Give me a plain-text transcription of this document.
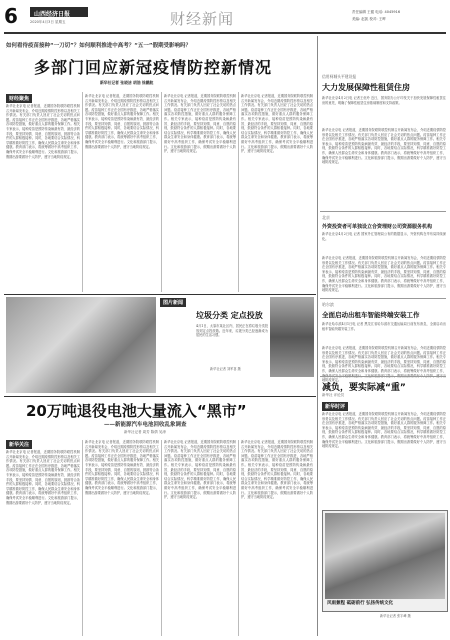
6	山西经济日报
2020年4月3日 星期五	财经新闻	责任编辑 王健 电话: 4045916
美编: 赵凯 校对: 王晔
如何看待疫苗接种“一刀切”？如何顺利推进中高考？“五一”假期受影响吗？
多部门回应新冠疫情防控新情况
新华社记者 张晓洁 胡浩 徐鹏航
财经聚焦
新华社北京电 记者报道，近期国务院联防联控机制召开新闻发布会，介绍近期疫情防控形势以及相关工作情况。有关部门负责人回应了社会关切的热点问题。疫苗接种工作正在全国有序推进，各地严格落实各项防控措施，做好重点人群的服务保障工作。相关专家表示，接种疫苗是预防传染病最有效、最经济的手段，要坚持知情、同意、自愿的原则，鼓励符合条件的人群积极接种。同时，各地要结合实际情况，科学精准做好防控工作，确保人民群众生命安全和身体健康。教育部门表示，将统筹做好中高考组织工作，确保考试安全平稳顺利进行。文化和旅游部门提示，假期出游要做好个人防护，遵守当地防疫规定。
新华社北京电 记者报道，近期国务院联防联控机制召开新闻发布会，介绍近期疫情防控形势以及相关工作情况。有关部门负责人回应了社会关切的热点问题。疫苗接种工作正在全国有序推进，各地严格落实各项防控措施，做好重点人群的服务保障工作。相关专家表示，接种疫苗是预防传染病最有效、最经济的手段，要坚持知情、同意、自愿的原则，鼓励符合条件的人群积极接种。同时，各地要结合实际情况，科学精准做好防控工作，确保人民群众生命安全和身体健康。教育部门表示，将统筹做好中高考组织工作，确保考试安全平稳顺利进行。文化和旅游部门提示，假期出游要做好个人防护，遵守当地防疫规定。
新华社北京电 记者报道，近期国务院联防联控机制召开新闻发布会，介绍近期疫情防控形势以及相关工作情况。有关部门负责人回应了社会关切的热点问题。疫苗接种工作正在全国有序推进，各地严格落实各项防控措施，做好重点人群的服务保障工作。相关专家表示，接种疫苗是预防传染病最有效、最经济的手段，要坚持知情、同意、自愿的原则，鼓励符合条件的人群积极接种。同时，各地要结合实际情况，科学精准做好防控工作，确保人民群众生命安全和身体健康。教育部门表示，将统筹做好中高考组织工作，确保考试安全平稳顺利进行。文化和旅游部门提示，假期出游要做好个人防护，遵守当地防疫规定。
新华社北京电 记者报道，近期国务院联防联控机制召开新闻发布会，介绍近期疫情防控形势以及相关工作情况。有关部门负责人回应了社会关切的热点问题。疫苗接种工作正在全国有序推进，各地严格落实各项防控措施，做好重点人群的服务保障工作。相关专家表示，接种疫苗是预防传染病最有效、最经济的手段，要坚持知情、同意、自愿的原则，鼓励符合条件的人群积极接种。同时，各地要结合实际情况，科学精准做好防控工作，确保人民群众生命安全和身体健康。教育部门表示，将统筹做好中高考组织工作，确保考试安全平稳顺利进行。文化和旅游部门提示，假期出游要做好个人防护，遵守当地防疫规定。
信用柯城头平建设报
大力发展保障性租赁住房
新华社北京4月2日电 记者王优玲 近日，国务院办公厅印发关于加快发展保障性租赁住房的意见，明确了保障性租赁住房基础制度和支持政策。
新华社北京电 记者报道，近期国务院联防联控机制召开新闻发布会，介绍近期疫情防控形势以及相关工作情况。有关部门负责人回应了社会关切的热点问题。疫苗接种工作正在全国有序推进，各地严格落实各项防控措施，做好重点人群的服务保障工作。相关专家表示，接种疫苗是预防传染病最有效、最经济的手段，要坚持知情、同意、自愿的原则，鼓励符合条件的人群积极接种。同时，各地要结合实际情况，科学精准做好防控工作，确保人民群众生命安全和身体健康。教育部门表示，将统筹做好中高考组织工作，确保考试安全平稳顺利进行。文化和旅游部门提示，假期出游要做好个人防护，遵守当地防疫规定。
北京
外资投资者可单独设立合资理财公司资源服务机构
新华社北京4月2日电 记者 国家外汇管理局公布的数据显示，外资机构在华布局持续深化。
新华社北京电 记者报道，近期国务院联防联控机制召开新闻发布会，介绍近期疫情防控形势以及相关工作情况。有关部门负责人回应了社会关切的热点问题。疫苗接种工作正在全国有序推进，各地严格落实各项防控措施，做好重点人群的服务保障工作。相关专家表示，接种疫苗是预防传染病最有效、最经济的手段，要坚持知情、同意、自愿的原则，鼓励符合条件的人群积极接种。同时，各地要结合实际情况，科学精准做好防控工作，确保人民群众生命安全和身体健康。教育部门表示，将统筹做好中高考组织工作，确保考试安全平稳顺利进行。文化和旅游部门提示，假期出游要做好个人防护，遵守当地防疫规定。
哈尔滨
全面启动出租车智能终端安装工作
新华社哈尔滨4月1日电 记者 黑龙江省哈尔滨市交通运输局日前发布消息，全面启动出租车智能终端安装工作。
新华社北京电 记者报道，近期国务院联防联控机制召开新闻发布会，介绍近期疫情防控形势以及相关工作情况。有关部门负责人回应了社会关切的热点问题。疫苗接种工作正在全国有序推进，各地严格落实各项防控措施，做好重点人群的服务保障工作。相关专家表示，接种疫苗是预防传染病最有效、最经济的手段，要坚持知情、同意、自愿的原则，鼓励符合条件的人群积极接种。同时，各地要结合实际情况，科学精准做好防控工作，确保人民群众生命安全和身体健康。教育部门表示，将统筹做好中高考组织工作， 地防疫规定。
减负，要实际减“重”
新华社 评论员
新华时评
新华社北京电 记者报道，近期国务院联防联控机制召开新闻发布会，介绍近期疫情防控形势以及相关工作情况。有关部门负责人回应了社会关切的热点问题。疫苗接种工作正在全国有序推进，各地严格落实各项防控措施，做好重点人群的服务保障工作。相关专家表示，接种疫苗是预防传染病最有效、最经济的手段，要坚持知情、同意、自愿的原则，鼓励符合条件的人群积极接种。同时，各地要结合实际情况，科学精准做好防控工作，确保人民群众生命安全和身体健康。教育部门表示，将统筹做好中高考组织工作，确保考试安全平稳顺利进行。文化和旅游部门提示，假期出游要做好个人防护，遵守当地防疫规定。
风雨兼程 砥砺前行 弘扬传统文化
新华社记者 张宇峰 摄
图片新闻
垃圾分类 定点投放
4月1日，太原市某社区内，居民正在将垃圾分类投放到定点投放箱。近年来，垃圾分类已经逐渐成为居民的生活习惯。
新华社记者 刘军喜 摄
20万吨退役电池大量流入“黑市”
——新能源汽车电池回收乱象调查
新华社记者 周芳 陈倩 吴涛
新华关注
新华社北京电 记者报道，近期国务院联防联控机制召开新闻发布会，介绍近期疫情防控形势以及相关工作情况。有关部门负责人回应了社会关切的热点问题。疫苗接种工作正在全国有序推进，各地严格落实各项防控措施，做好重点人群的服务保障工作。相关专家表示，接种疫苗是预防传染病最有效、最经济的手段，要坚持知情、同意、自愿的原则，鼓励符合条件的人群积极接种。同时，各地要结合实际情况，科学精准做好防控工作，确保人民群众生命安全和身体健康。教育部门表示，将统筹做好中高考组织工作，确保考试安全平稳顺利进行。文化和旅游部门提示，假期出游要做好个人防护，遵守当地防疫规定。
新华社北京电 记者报道，近期国务院联防联控机制召开新闻发布会，介绍近期疫情防控形势以及相关工作情况。有关部门负责人回应了社会关切的热点问题。疫苗接种工作正在全国有序推进，各地严格落实各项防控措施，做好重点人群的服务保障工作。相关专家表示，接种疫苗是预防传染病最有效、最经济的手段，要坚持知情、同意、自愿的原则，鼓励符合条件的人群积极接种。同时，各地要结合实际情况，科学精准做好防控工作，确保人民群众生命安全和身体健康。教育部门表示，将统筹做好中高考组织工作，确保考试安全平稳顺利进行。文化和旅游部门提示，假期出游要做好个人防护，遵守当地防疫规定。
新华社北京电 记者报道，近期国务院联防联控机制召开新闻发布会，介绍近期疫情防控形势以及相关工作情况。有关部门负责人回应了社会关切的热点问题。疫苗接种工作正在全国有序推进，各地严格落实各项防控措施，做好重点人群的服务保障工作。相关专家表示，接种疫苗是预防传染病最有效、最经济的手段，要坚持知情、同意、自愿的原则，鼓励符合条件的人群积极接种。同时，各地要结合实际情况，科学精准做好防控工作，确保人民群众生命安全和身体健康。教育部门表示，将统筹做好中高考组织工作，确保考试安全平稳顺利进行。文化和旅游部门提示，假期出游要做好个人防护，遵守当地防疫规定。
新华社北京电 记者报道，近期国务院联防联控机制召开新闻发布会，介绍近期疫情防控形势以及相关工作情况。有关部门负责人回应了社会关切的热点问题。疫苗接种工作正在全国有序推进，各地严格落实各项防控措施，做好重点人群的服务保障工作。相关专家表示，接种疫苗是预防传染病最有效、最经济的手段，要坚持知情、同意、自愿的原则，鼓励符合条件的人群积极接种。同时，各地要结合实际情况，科学精准做好防控工作，确保人民群众生命安全和身体健康。教育部门表示，将统筹做好中高考组织工作，确保考试安全平稳顺利进行。文化和旅游部门提示，假期出游要做好个人防护，遵守当地防疫规定。
